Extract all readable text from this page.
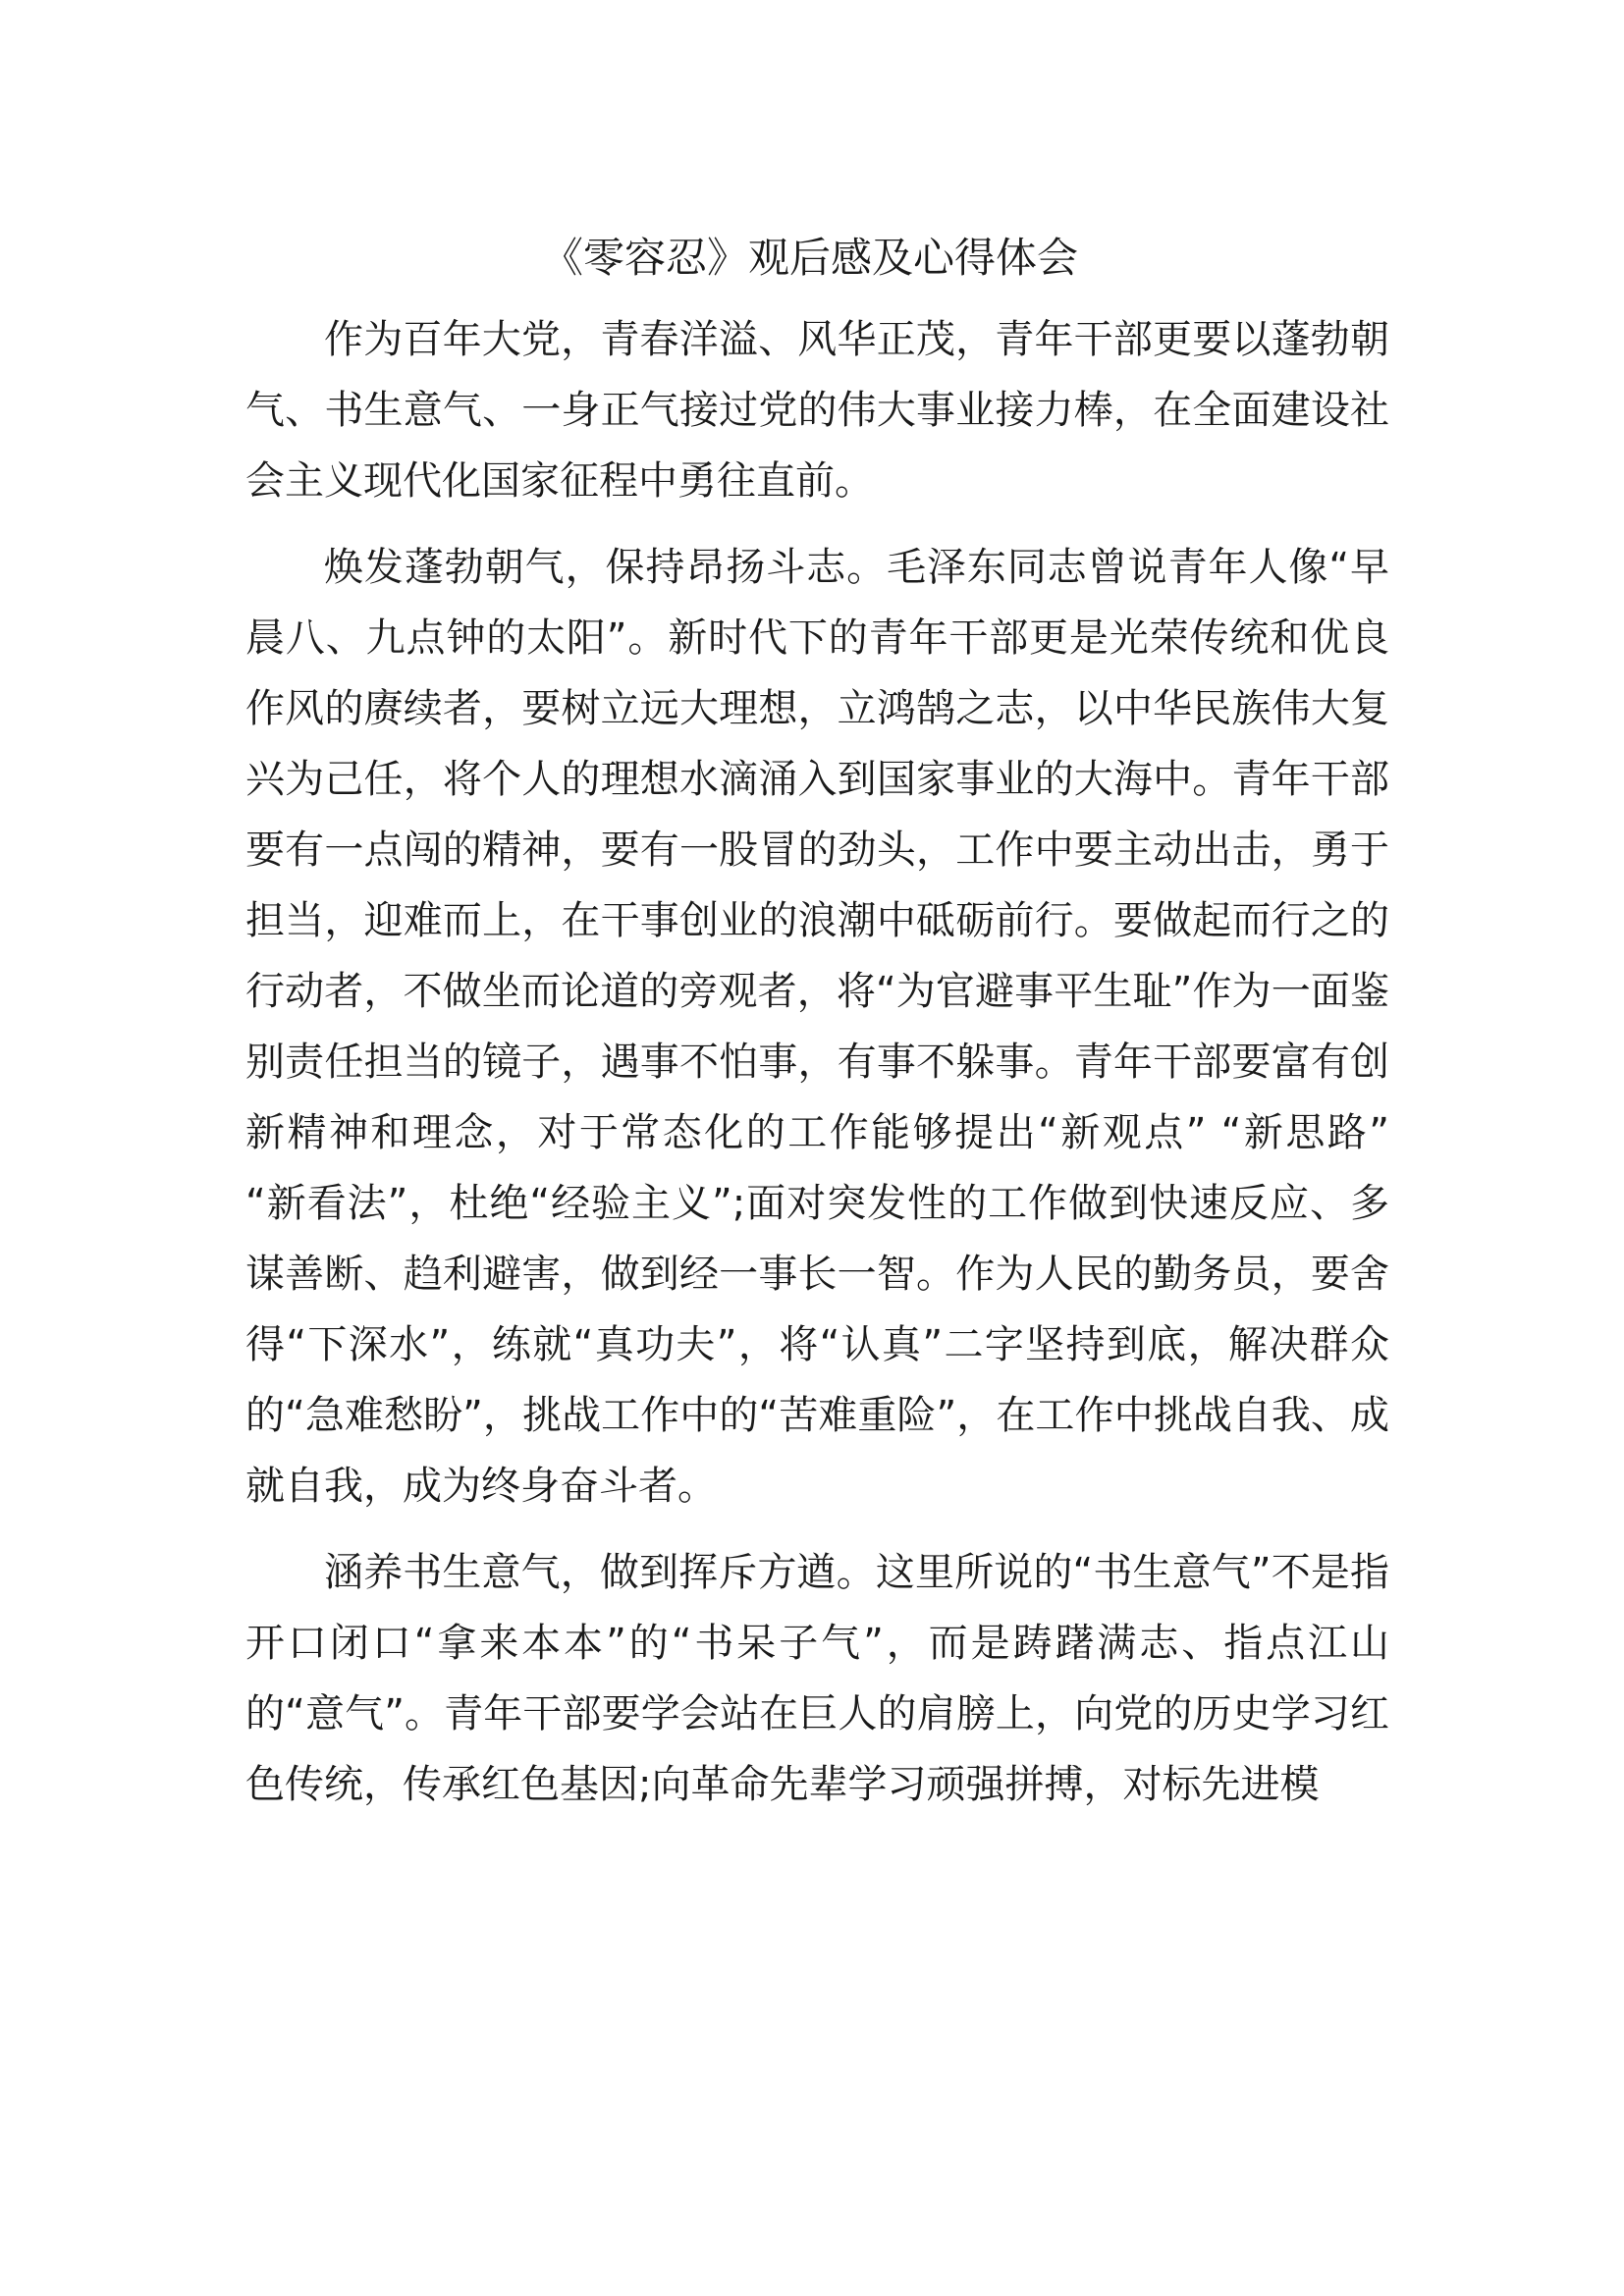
《零容忍》观后感及心得体会

作为百年大党，青春洋溢、风华正茂，青年干部更要以蓬勃朝气、书生意气、一身正气接过党的伟大事业接力棒，在全面建设社会主义现代化国家征程中勇往直前。

焕发蓬勃朝气，保持昂扬斗志。毛泽东同志曾说青年人像“早晨八、九点钟的太阳”。新时代下的青年干部更是光荣传统和优良作风的赓续者，要树立远大理想，立鸿鹄之志，以中华民族伟大复兴为己任，将个人的理想水滴涌入到国家事业的大海中。青年干部要有一点闯的精神，要有一股冒的劲头，工作中要主动出击，勇于担当，迎难而上，在干事创业的浪潮中砥砺前行。要做起而行之的行动者，不做坐而论道的旁观者，将“为官避事平生耻”作为一面鉴别责任担当的镜子，遇事不怕事，有事不躲事。青年干部要富有创新精神和理念，对于常态化的工作能够提出“新观点” “新思路” “新看法”，杜绝“经验主义”;面对突发性的工作做到快速反应、多谋善断、趋利避害，做到经一事长一智。作为人民的勤务员，要舍得“下深水”，练就“真功夫”，将“认真”二字坚持到底，解决群众的“急难愁盼”，挑战工作中的“苦难重险”，在工作中挑战自我、成就自我，成为终身奋斗者。

涵养书生意气，做到挥斥方遒。这里所说的“书生意气”不是指开口闭口“拿来本本”的“书呆子气”，而是踌躇满志、指点江山的“意气”。青年干部要学会站在巨人的肩膀上，向党的历史学习红色传统，传承红色基因;向革命先辈学习顽强拼搏，对标先进模
